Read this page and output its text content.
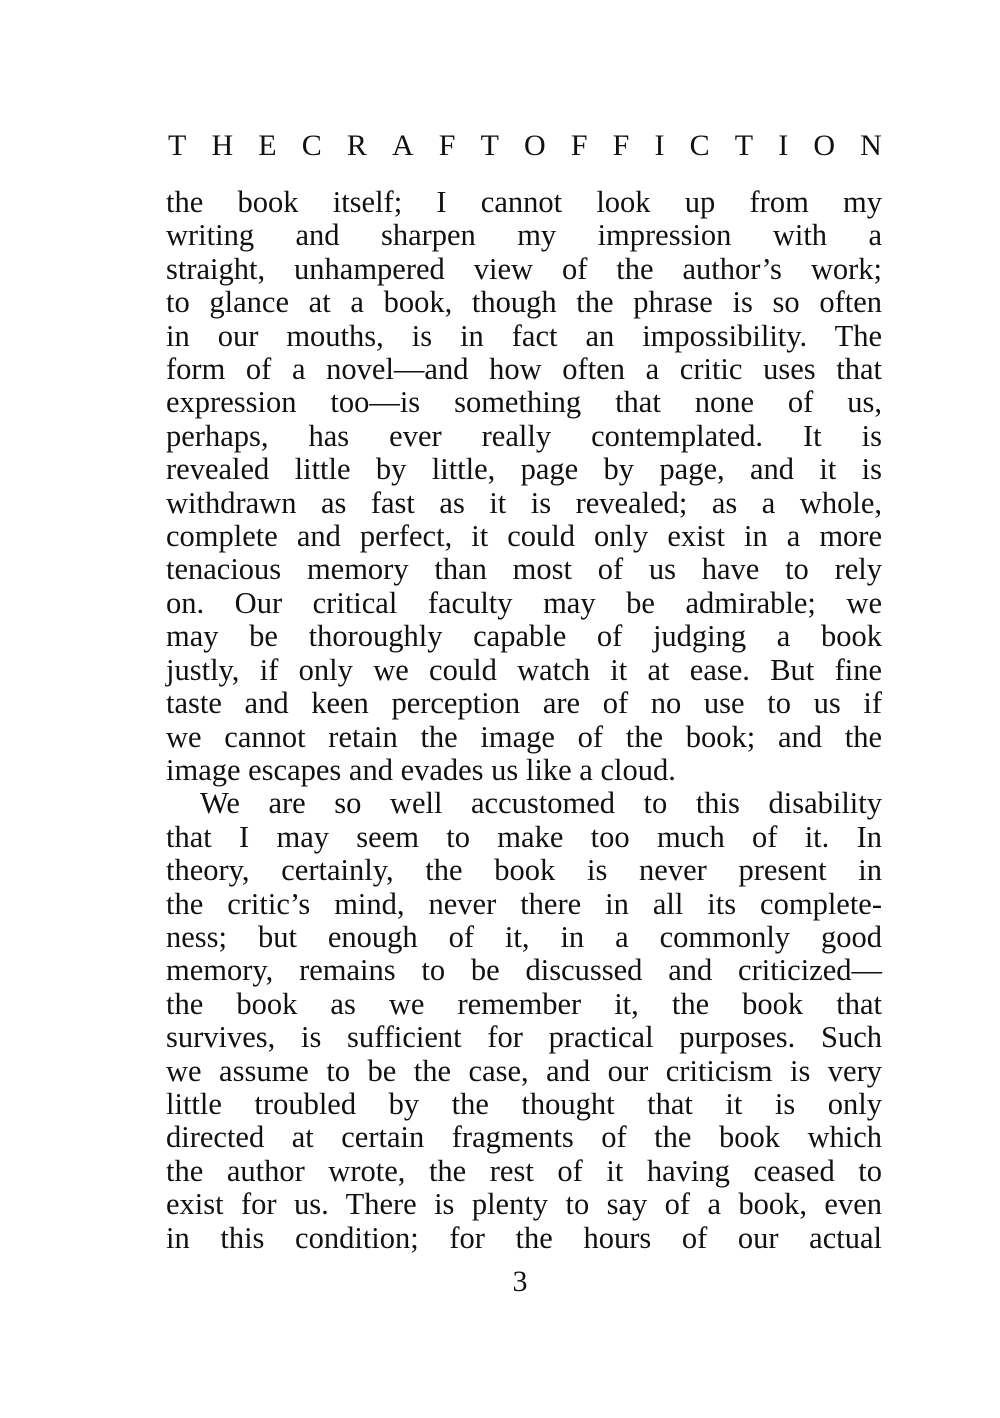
T H E C R A F T O F F I C T I O N
the book itself; I cannot look up from my
writing and sharpen my impression with a
straight, unhampered view of the author’s work;
to glance at a book, though the phrase is so often
in our mouths, is in fact an impossibility. The
form of a novel—and how often a critic uses that
expression too—is something that none of us,
perhaps, has ever really contemplated. It is
revealed little by little, page by page, and it is
withdrawn as fast as it is revealed; as a whole,
complete and perfect, it could only exist in a more
tenacious memory than most of us have to rely
on. Our critical faculty may be admirable; we
may be thoroughly capable of judging a book
justly, if only we could watch it at ease. But fine
taste and keen perception are of no use to us if
we cannot retain the image of the book; and the
image escapes and evades us like a cloud.
We are so well accustomed to this disability
that I may seem to make too much of it. In
theory, certainly, the book is never present in
the critic’s mind, never there in all its complete-
ness; but enough of it, in a commonly good
memory, remains to be discussed and criticized—
the book as we remember it, the book that
survives, is sufficient for practical purposes. Such
we assume to be the case, and our criticism is very
little troubled by the thought that it is only
directed at certain fragments of the book which
the author wrote, the rest of it having ceased to
exist for us. There is plenty to say of a book, even
in this condition; for the hours of our actual
3
